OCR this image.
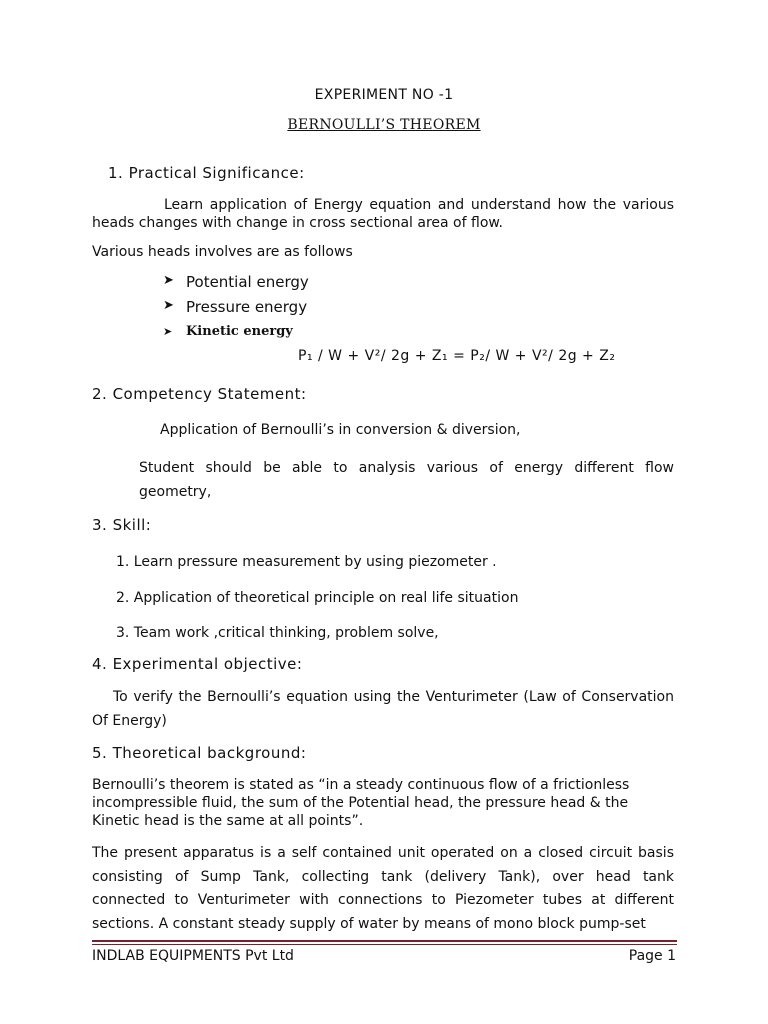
EXPERIMENT NO -1
BERNOULLI’S THEOREM
1. Practical Significance:
Learn application of Energy equation and understand how the various heads changes with change in cross sectional area of flow.
Various heads involves are as follows
➤ Potential energy
➤ Pressure energy
➤ Kinetic energy
P₁ / W + V²/ 2g + Z₁ = P₂/ W + V²/ 2g + Z₂
2. Competency Statement:
Application of Bernoulli’s in conversion & diversion,
Student should be able to analysis various of energy different flow geometry,
3. Skill:
1. Learn pressure measurement by using piezometer .
2. Application of theoretical principle on real life situation
3. Team work ,critical thinking, problem solve,
4. Experimental objective:
To verify the Bernoulli’s equation using the Venturimeter (Law of Conservation Of Energy)
5. Theoretical background:
Bernoulli’s theorem is stated as “in a steady continuous flow of a frictionless incompressible fluid, the sum of the Potential head, the pressure head & the Kinetic head is the same at all points”.
The present apparatus is a self contained unit operated on a closed circuit basis consisting of Sump Tank, collecting tank (delivery Tank), over head tank connected to Venturimeter with connections to Piezometer tubes at different sections. A constant steady supply of water by means of mono block pump-set
INDLAB EQUIPMENTS Pvt Ltd	Page 1
